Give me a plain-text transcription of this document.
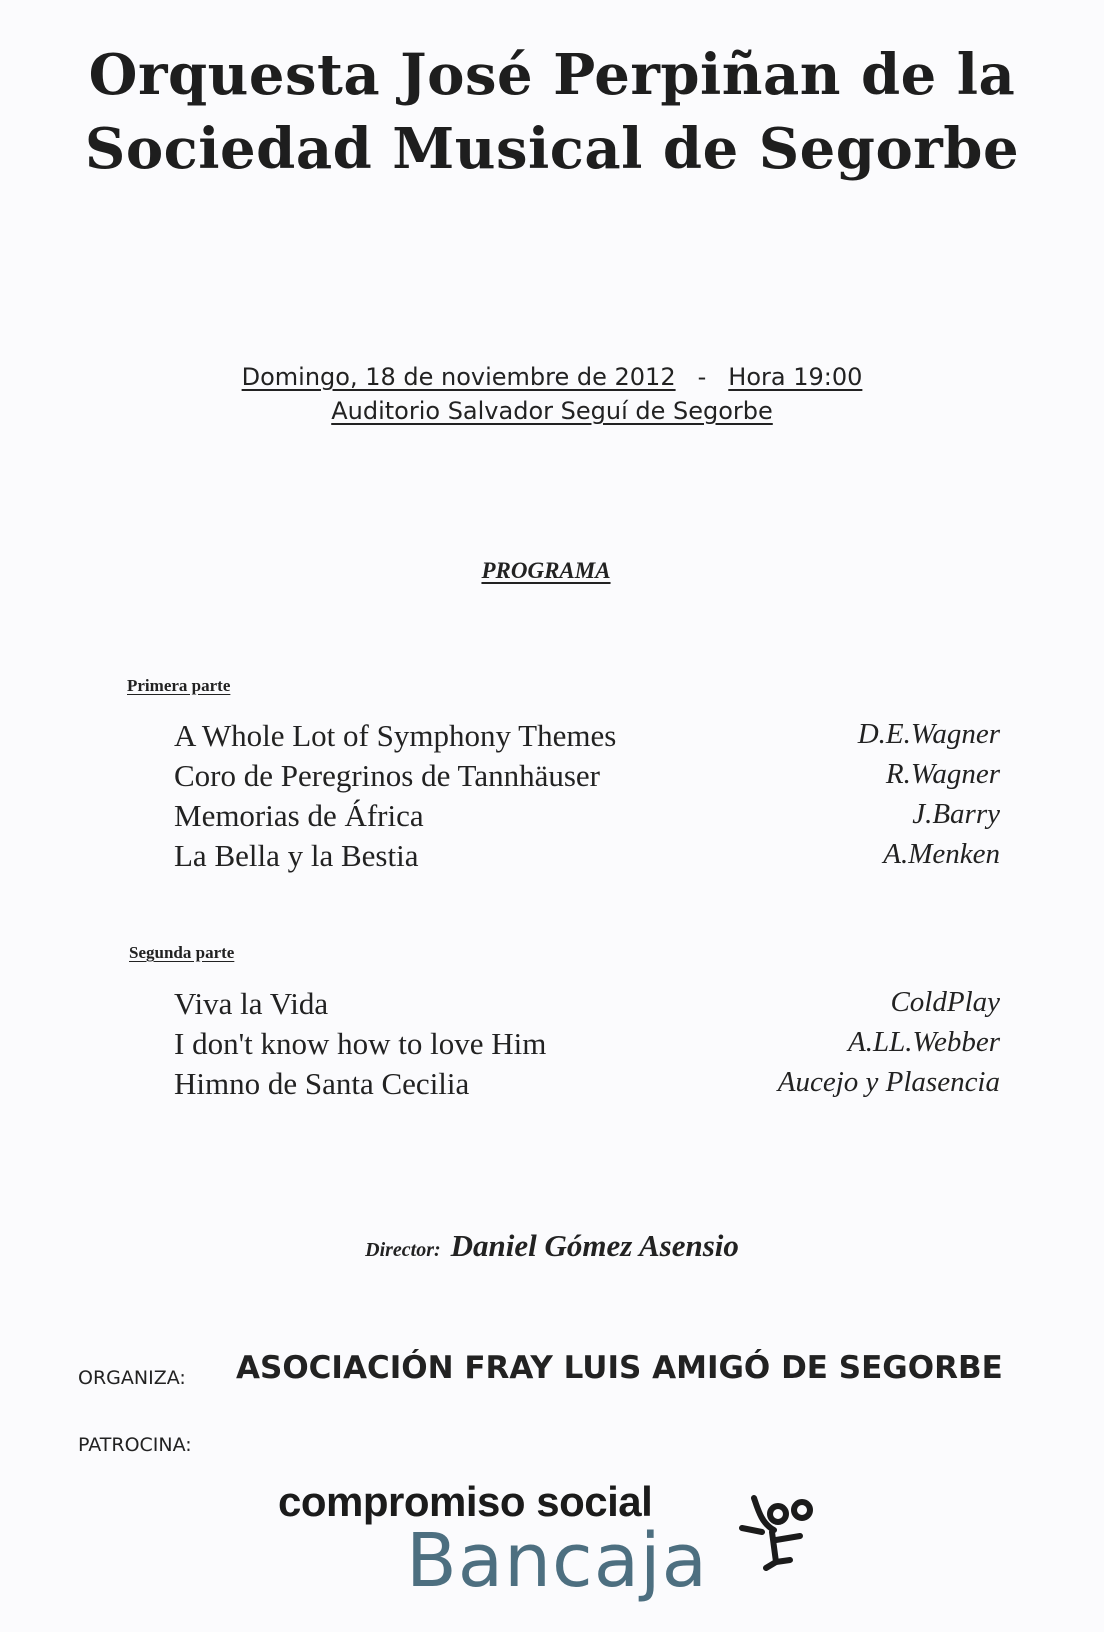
Orquesta José Perpiñan de la
Sociedad Musical de Segorbe
Domingo, 18 de noviembre de 2012 - Hora 19:00
Auditorio Salvador Seguí de Segorbe
PROGRAMA
Primera parte
A Whole Lot of Symphony Themes	D.E.Wagner
Coro de Peregrinos de Tannhäuser	R.Wagner
Memorias de África	J.Barry
La Bella y la Bestia	A.Menken
Segunda parte
Viva la Vida	ColdPlay
I don't know how to love Him	A.LL.Webber
Himno de Santa Cecilia	Aucejo y Plasencia
Director: Daniel Gómez Asensio
ORGANIZA: ASOCIACIÓN FRAY LUIS AMIGÓ DE SEGORBE
PATROCINA:
compromiso social
Bancaja
